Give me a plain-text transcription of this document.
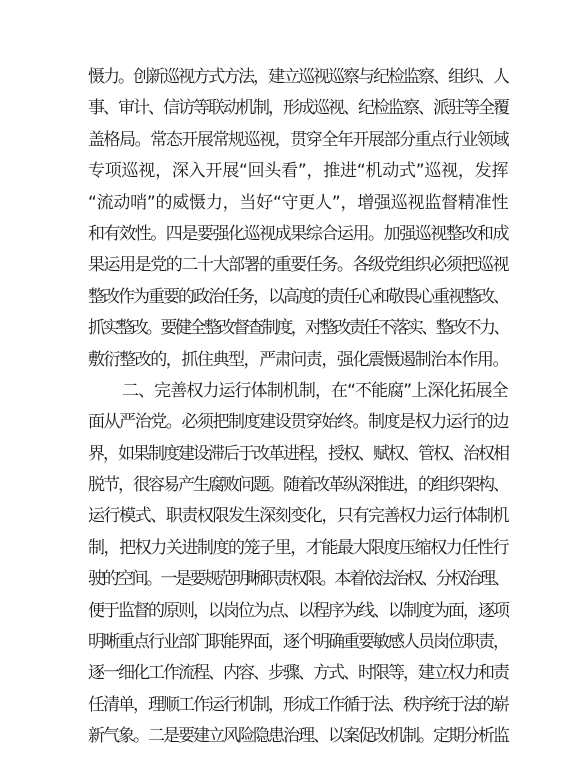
慑力。创新巡视方式方法，建立巡视巡察与纪检监察、组织、人
事、审计、信访等联动机制，形成巡视、纪检监察、派驻等全覆
盖格局。常态开展常规巡视，贯穿全年开展部分重点行业领域
专项巡视，深入开展“回头看”，推进“机动式”巡视，发挥
“流动哨”的威慑力，当好“守更人”，增强巡视监督精准性
和有效性。四是要强化巡视成果综合运用。加强巡视整改和成
果运用是党的二十大部署的重要任务。各级党组织必须把巡视
整改作为重要的政治任务，以高度的责任心和敬畏心重视整改、
抓实整改。要健全整改督查制度，对整改责任不落实、整改不力、
敷衍整改的，抓住典型，严肃问责，强化震慑遏制治本作用。
二、完善权力运行体制机制，在“不能腐”上深化拓展全
面从严治党。必须把制度建设贯穿始终。制度是权力运行的边
界，如果制度建设滞后于改革进程，授权、赋权、管权、治权相
脱节，很容易产生腐败问题。随着改革纵深推进，的组织架构、
运行模式、职责权限发生深刻变化，只有完善权力运行体制机
制，把权力关进制度的笼子里，才能最大限度压缩权力任性行
驶的空间。一是要规范明晰职责权限。本着依法治权、分权治理、
便于监督的原则，以岗位为点、以程序为线、以制度为面，逐项
明晰重点行业部门职能界面，逐个明确重要敏感人员岗位职责，
逐一细化工作流程、内容、步骤、方式、时限等，建立权力和责
任清单，理顺工作运行机制，形成工作循于法、秩序统于法的崭
新气象。二是要建立风险隐患治理、以案促改机制。定期分析监
